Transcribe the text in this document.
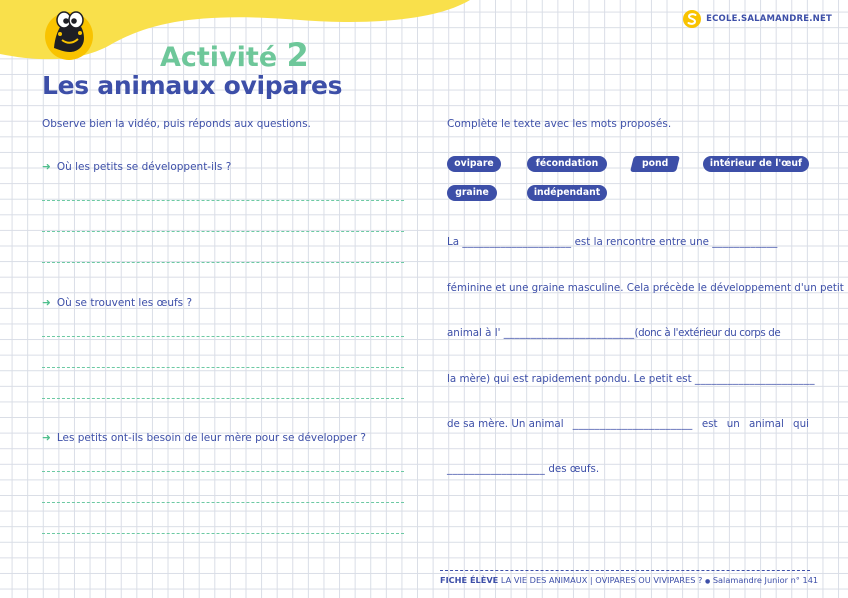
ECOLE.SALAMANDRE.NET
Activité 2
Les animaux ovipares
Observe bien la vidéo, puis réponds aux questions.
➜ Où les petits se développent-ils ?
➜ Où se trouvent les œufs ?
➜ Les petits ont-ils besoin de leur mère pour se développer ?
Complète le texte avec les mots proposés.
ovipare	fécondation	pond	intérieur de l'œuf
graine	indépendant
La ____________________ est la rencontre entre une ____________
féminine et une graine masculine. Cela précède le développement d'un petit
animal à l' ________________________(donc à l'extérieur du corps de
la mère) qui est rapidement pondu. Le petit est ______________________
de sa mère. Un animal ______________________ est un animal qui
__________________ des œufs.
FICHE ÉLÈVE LA VIE DES ANIMAUX | OVIPARES OU VIVIPARES ? ● Salamandre Junior n° 141
